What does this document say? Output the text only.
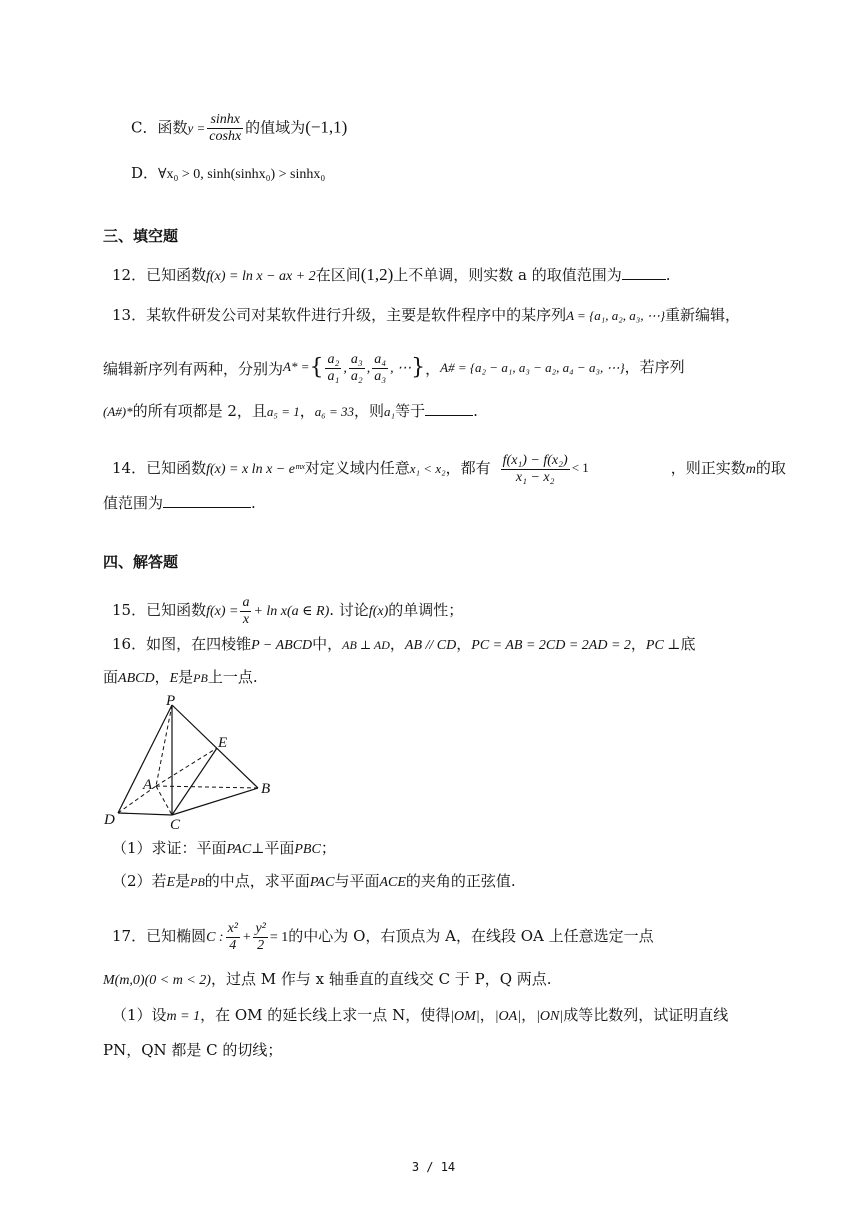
C．函数$y = \frac{\sinh x}{\cosh x}$ 的值域为(−1,1)
D．∀x₀ > 0, sinh(sinhx₀) > sinhx₀
三、填空题
12．已知函数f(x) = ln x − ax + 2在区间(1,2)上不单调，则实数 a 的取值范围为	.
13．某软件研发公司对某软件进行升级，主要是软件程序中的某序列A = {a₁, a₂, a₃, ⋯}重新编辑，
编辑新序列有两种，分别为A* ={ $\frac{\text{a₂}}{\text{a₁}}$ , $\frac{\text{a₃}}{\text{a₂}}$ , $\frac{\text{a₄}}{\text{a₃}}$ , ⋯}，A# = {a₂ − a₁, a₃ − a₂, a₄ − a₃, ⋯}，若序列
(A#)*的所有项都是 2，且a₅ = 1，a₆ = 33，则a₁等于	.
14．已知函数f(x) = x ln x − eᵐˣ对定义域内任意x₁ < x₂，都有 $\frac{\text{f(x₁) − f(x₂)}}{\text{x₁ − x₂}} < 1$	，则正实数m的取
值范围为	.
四、解答题
15．已知函数$f(x) = \frac{a}{x} + \ln x(a$ ∈ R). 讨论f(x)的单调性；
16．如图，在四棱锥P − ABCD中，AB ⊥ AD，AB // CD，PC = AB = 2CD = 2AD = 2，PC ⊥底
面ABCD，E是PB上一点.
P
E
A	B
D	C
（1）求证：平面PAC⊥平面PBC；
（2）若E是PB的中点，求平面PAC与平面ACE的夹角的正弦值.
17．已知椭圆C : $\frac{\text{x²}}{4} + \frac{\text{y²}}{2} = 1$的中心为 O，右顶点为 A，在线段 OA 上任意选定一点
M(m,0)(0 < m < 2)，过点 M 作与 x 轴垂直的直线交 C 于 P，Q 两点.
（1）设m = 1，在 OM 的延长线上求一点 N，使得|OM|，|OA|，|ON|成等比数列，试证明直线
PN，QN 都是 C 的切线；
3 / 14
